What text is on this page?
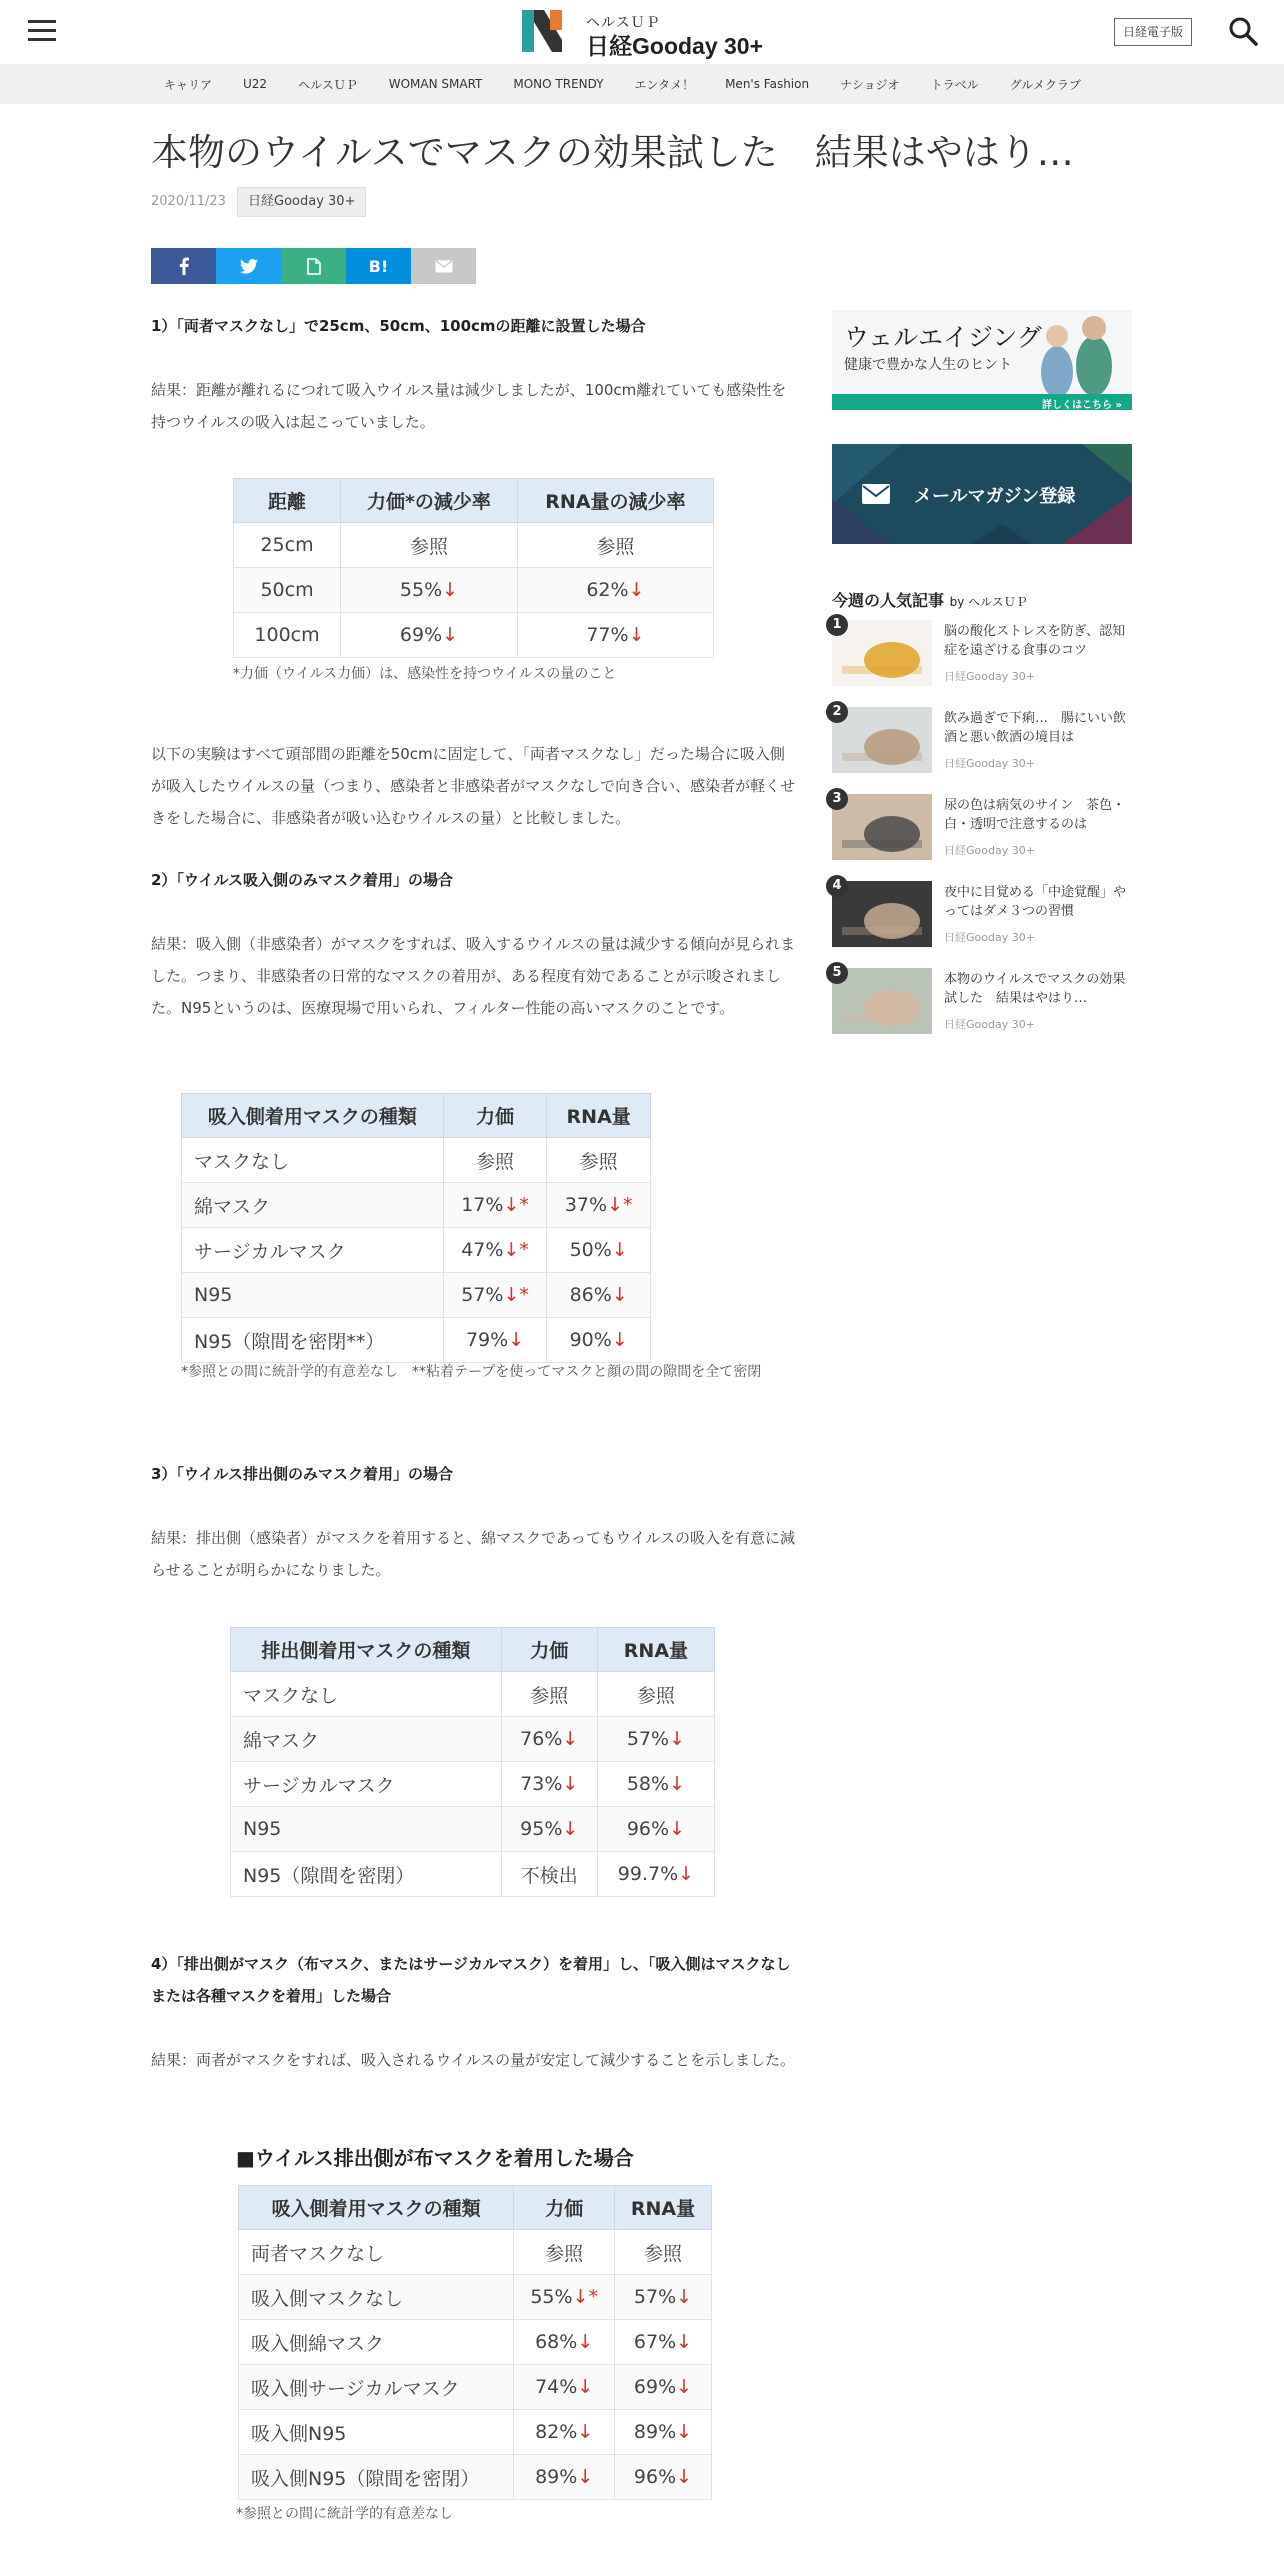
ヘルスＵＰ
日経Gooday 30+
日経電子版
キャリア	U22	ヘルスＵＰ	WOMAN SMART	MONO TRENDY	エンタメ！	Men's Fashion	ナショジオ	トラベル	グルメクラブ
本物のウイルスでマスクの効果試した　結果はやはり…
2020/11/23	日経Gooday 30+
B!
1）「両者マスクなし」で25cm、50cm、100cmの距離に設置した場合
結果：距離が離れるにつれて吸入ウイルス量は減少しましたが、100cm離れていても感染性を持つウイルスの吸入は起こっていました。
距離	力価*の減少率	RNA量の減少率
25cm	参照	参照
50cm	55%↓	62%↓
100cm	69%↓	77%↓
*力価（ウイルス力価）は、感染性を持つウイルスの量のこと
以下の実験はすべて頭部間の距離を50cmに固定して、「両者マスクなし」だった場合に吸入側が吸入したウイルスの量（つまり、感染者と非感染者がマスクなしで向き合い、感染者が軽くせきをした場合に、非感染者が吸い込むウイルスの量）と比較しました。
2）「ウイルス吸入側のみマスク着用」の場合
結果：吸入側（非感染者）がマスクをすれば、吸入するウイルスの量は減少する傾向が見られました。つまり、非感染者の日常的なマスクの着用が、ある程度有効であることが示唆されました。N95というのは、医療現場で用いられ、フィルター性能の高いマスクのことです。
吸入側着用マスクの種類	力価	RNA量
マスクなし	参照	参照
綿マスク	17%↓*	37%↓*
サージカルマスク	47%↓*	50%↓
N95	57%↓*	86%↓
N95（隙間を密閉**）	79%↓	90%↓
*参照との間に統計学的有意差なし　**粘着テープを使ってマスクと顔の間の隙間を全て密閉
3）「ウイルス排出側のみマスク着用」の場合
結果：排出側（感染者）がマスクを着用すると、綿マスクであってもウイルスの吸入を有意に減らせることが明らかになりました。
排出側着用マスクの種類	力価	RNA量
マスクなし	参照	参照
綿マスク	76%↓	57%↓
サージカルマスク	73%↓	58%↓
N95	95%↓	96%↓
N95（隙間を密閉）	不検出	99.7%↓
4）「排出側がマスク（布マスク、またはサージカルマスク）を着用」し、「吸入側はマスクなしまたは各種マスクを着用」した場合
結果：両者がマスクをすれば、吸入されるウイルスの量が安定して減少することを示しました。
■ウイルス排出側が布マスクを着用した場合
吸入側着用マスクの種類	力価	RNA量
両者マスクなし	参照	参照
吸入側マスクなし	55%↓*	57%↓
吸入側綿マスク	68%↓	67%↓
吸入側サージカルマスク	74%↓	69%↓
吸入側N95	82%↓	89%↓
吸入側N95（隙間を密閉）	89%↓	96%↓
*参照との間に統計学的有意差なし
ウェルエイジング
健康で豊かな人生のヒント
詳しくはこちら »
メールマガジン登録
今週の人気記事 by ヘルスＵＰ
1	脳の酸化ストレスを防ぎ、認知症を遠ざける食事のコツ
日経Gooday 30+
2	飲み過ぎで下痢…　腸にいい飲酒と悪い飲酒の境目は
日経Gooday 30+
3	尿の色は病気のサイン　茶色・白・透明で注意するのは
日経Gooday 30+
4	夜中に目覚める「中途覚醒」やってはダメ３つの習慣
日経Gooday 30+
5	本物のウイルスでマスクの効果試した　結果はやはり…
日経Gooday 30+
